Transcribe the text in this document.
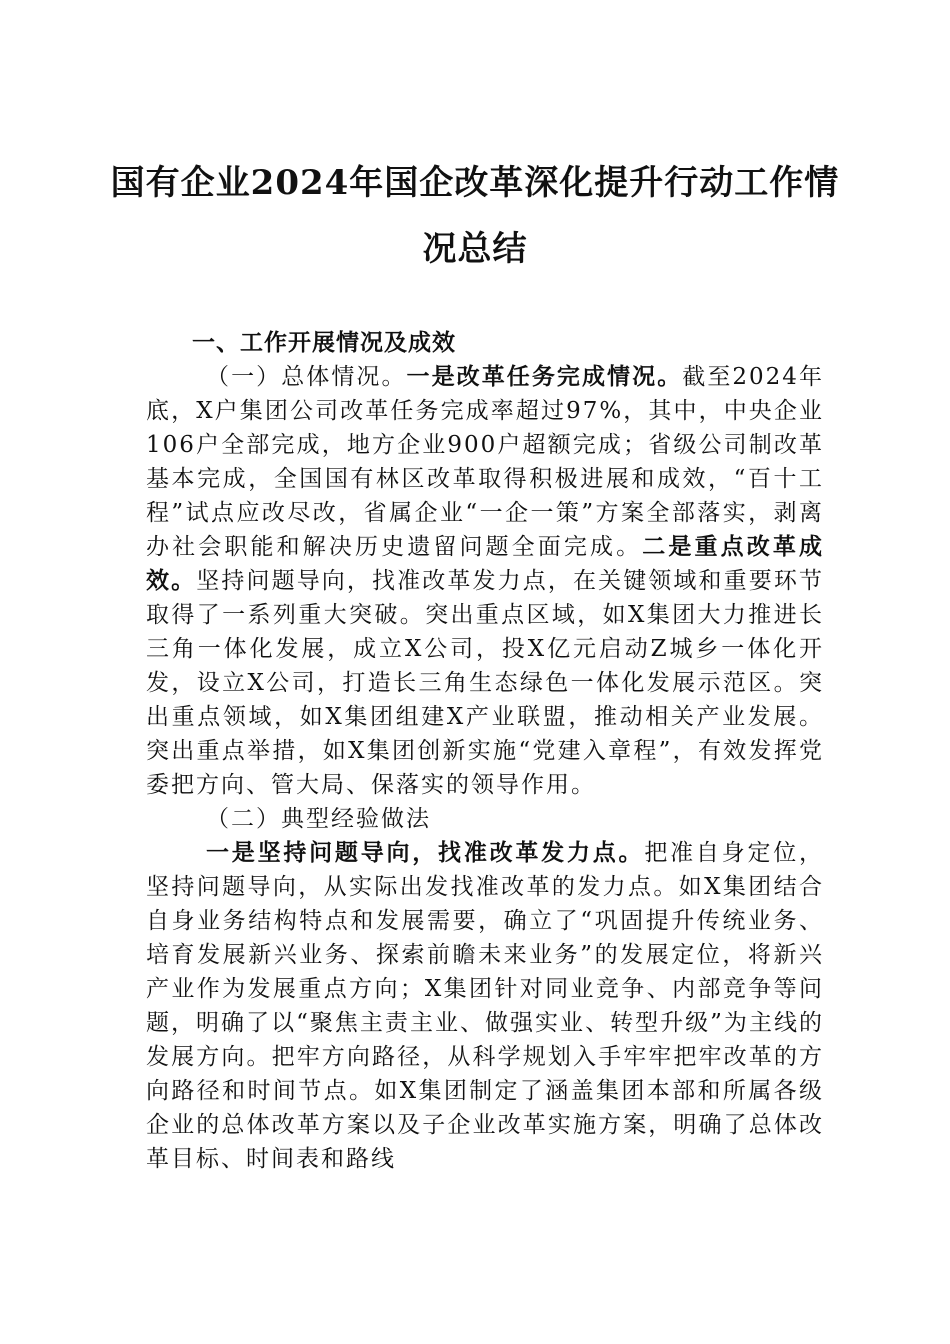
国有企业2024年国企改革深化提升行动工作情况总结

一、工作开展情况及成效

（一）总体情况。一是改革任务完成情况。截至2024年底，X户集团公司改革任务完成率超过97%，其中，中央企业106户全部完成，地方企业900户超额完成；省级公司制改革基本完成，全国国有林区改革取得积极进展和成效，“百十工程”试点应改尽改，省属企业“一企一策”方案全部落实，剥离办社会职能和解决历史遗留问题全面完成。二是重点改革成效。坚持问题导向，找准改革发力点，在关键领域和重要环节取得了一系列重大突破。突出重点区域，如X集团大力推进长三角一体化发展，成立X公司，投X亿元启动Z城乡一体化开发，设立X公司，打造长三角生态绿色一体化发展示范区。突出重点领域，如X集团组建X产业联盟，推动相关产业发展。突出重点举措，如X集团创新实施“党建入章程”，有效发挥党委把方向、管大局、保落实的领导作用。

（二）典型经验做法

一是坚持问题导向，找准改革发力点。把准自身定位，坚持问题导向，从实际出发找准改革的发力点。如X集团结合自身业务结构特点和发展需要，确立了“巩固提升传统业务、培育发展新兴业务、探索前瞻未来业务”的发展定位，将新兴产业作为发展重点方向；X集团针对同业竞争、内部竞争等问题，明确了以“聚焦主责主业、做强实业、转型升级”为主线的发展方向。把牢方向路径，从科学规划入手牢牢把牢改革的方向路径和时间节点。如X集团制定了涵盖集团本部和所属各级企业的总体改革方案以及子企业改革实施方案，明确了总体改革目标、时间表和路线
